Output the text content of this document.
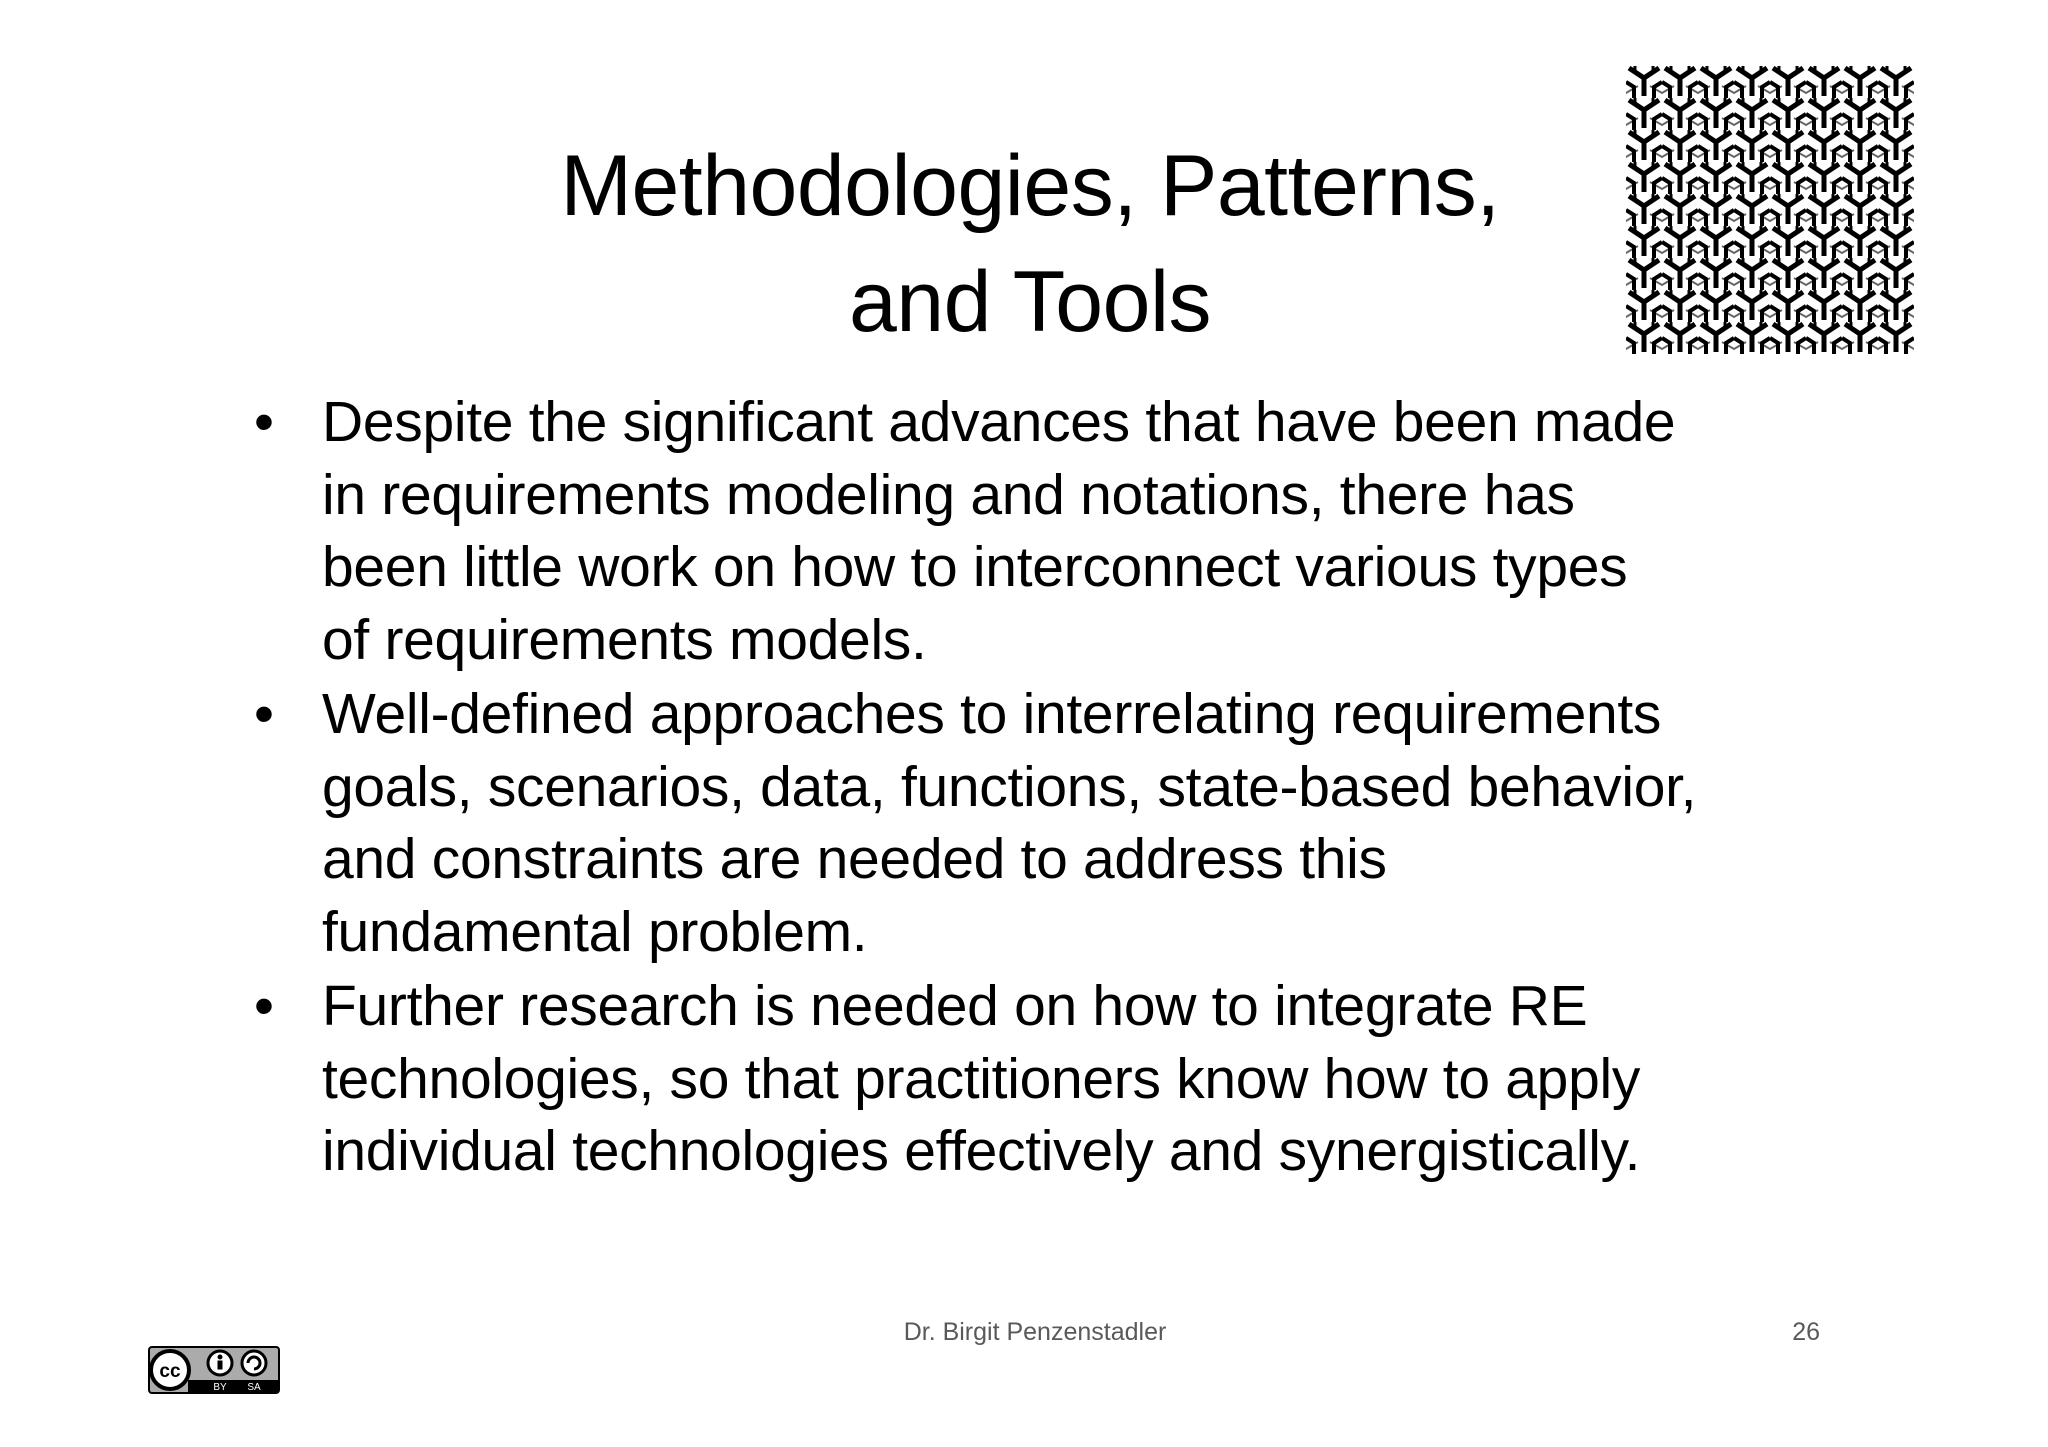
Methodologies, Patterns,
and Tools
• Despite the significant advances that have been made
in requirements modeling and notations, there has
been little work on how to interconnect various types
of requirements models.
• Well-defined approaches to interrelating requirements
goals, scenarios, data, functions, state-based behavior,
and constraints are needed to address this
fundamental problem.
• Further research is needed on how to integrate RE
technologies, so that practitioners know how to apply
individual technologies effectively and synergistically.
Dr. Birgit Penzenstadler	26
cc
BY SA
